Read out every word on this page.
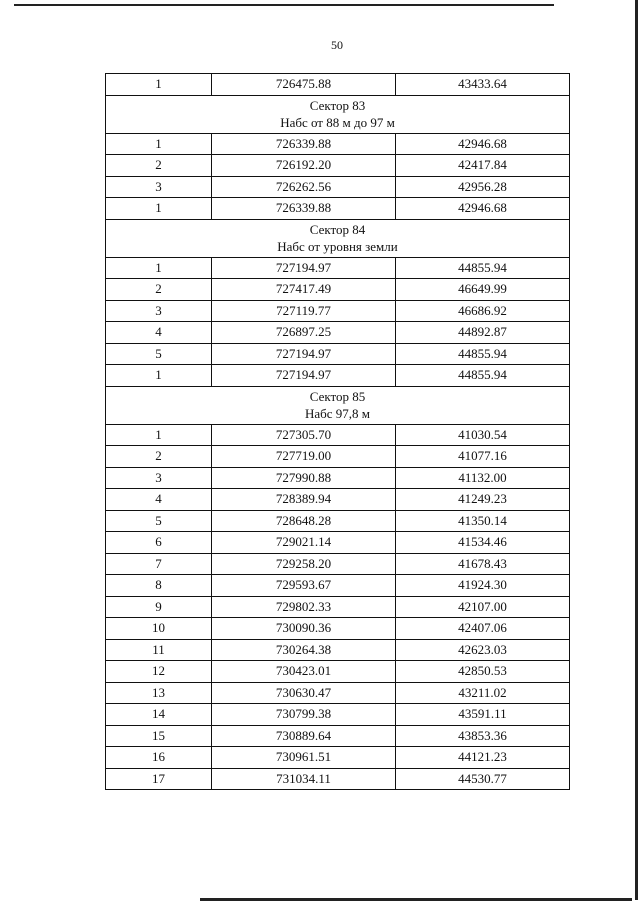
50
1	726475.88	43433.64

Сектор 83
Набс от 88 м до 97 м		

1	726339.88	42946.68
2	726192.20	42417.84
3	726262.56	42956.28
1	726339.88	42946.68

Сектор 84
Набс от уровня земли		

1	727194.97	44855.94
2	727417.49	46649.99
3	727119.77	46686.92
4	726897.25	44892.87
5	727194.97	44855.94
1	727194.97	44855.94

Сектор 85
Набс 97,8 м		

1	727305.70	41030.54
2	727719.00	41077.16
3	727990.88	41132.00
4	728389.94	41249.23
5	728648.28	41350.14
6	729021.14	41534.46
7	729258.20	41678.43
8	729593.67	41924.30
9	729802.33	42107.00
10	730090.36	42407.06
11	730264.38	42623.03
12	730423.01	42850.53
13	730630.47	43211.02
14	730799.38	43591.11
15	730889.64	43853.36
16	730961.51	44121.23
17	731034.11	44530.77
